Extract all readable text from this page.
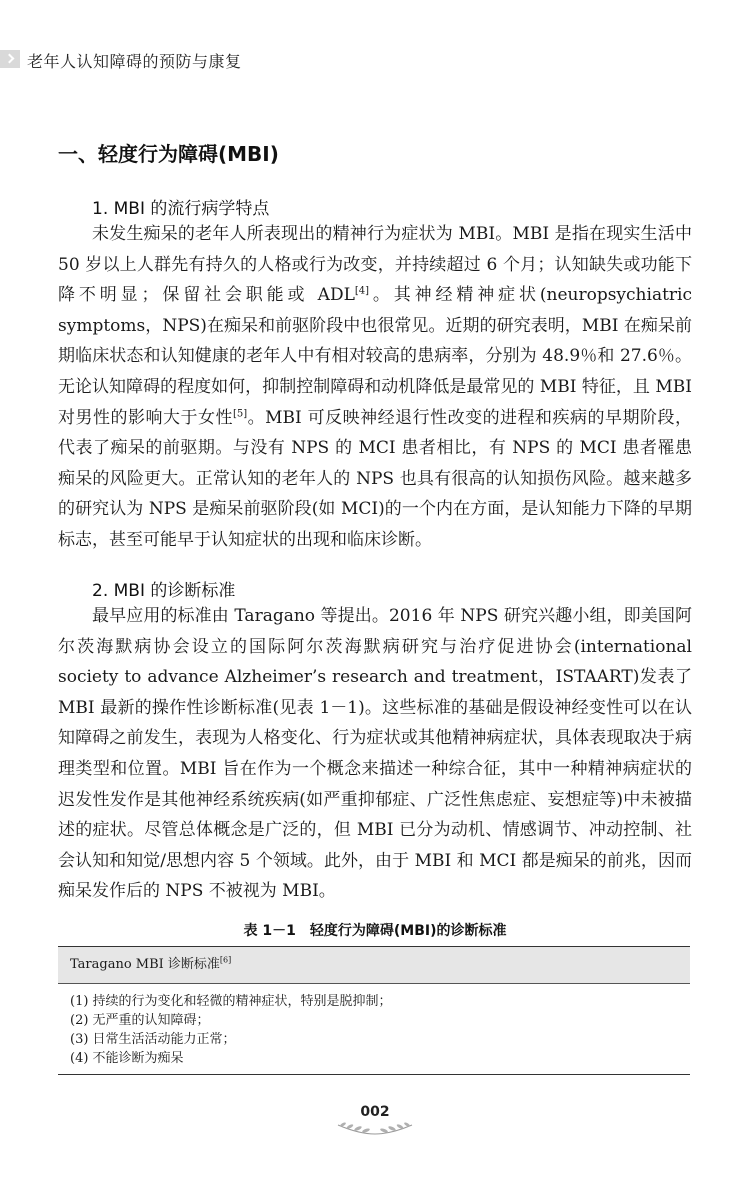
老年人认知障碍的预防与康复
一、轻度行为障碍(MBI)
1. MBI 的流行病学特点
未发生痴呆的老年人所表现出的精神行为症状为 MBI。MBI 是指在现实生活中 50 岁以上人群先有持久的人格或行为改变，并持续超过 6 个月；认知缺失或功能下降不明显；保留社会职能或 ADL[4]。其神经精神症状(neuropsychiatric symptoms，NPS)在痴呆和前驱阶段中也很常见。近期的研究表明，MBI 在痴呆前期临床状态和认知健康的老年人中有相对较高的患病率，分别为 48.9％和 27.6％。无论认知障碍的程度如何，抑制控制障碍和动机降低是最常见的 MBI 特征，且 MBI 对男性的影响大于女性[5]。MBI 可反映神经退行性改变的进程和疾病的早期阶段，代表了痴呆的前驱期。与没有 NPS 的 MCI 患者相比，有 NPS 的 MCI 患者罹患痴呆的风险更大。正常认知的老年人的 NPS 也具有很高的认知损伤风险。越来越多的研究认为 NPS 是痴呆前驱阶段(如 MCI)的一个内在方面，是认知能力下降的早期标志，甚至可能早于认知症状的出现和临床诊断。
2. MBI 的诊断标准
最早应用的标准由 Taragano 等提出。2016 年 NPS 研究兴趣小组，即美国阿尔茨海默病协会设立的国际阿尔茨海默病研究与治疗促进协会(international society to advance Alzheimer’s research and treatment，ISTAART)发表了 MBI 最新的操作性诊断标准(见表 1－1)。这些标准的基础是假设神经变性可以在认知障碍之前发生，表现为人格变化、行为症状或其他精神病症状，具体表现取决于病理类型和位置。MBI 旨在作为一个概念来描述一种综合征，其中一种精神病症状的迟发性发作是其他神经系统疾病(如严重抑郁症、广泛性焦虑症、妄想症等)中未被描述的症状。尽管总体概念是广泛的，但 MBI 已分为动机、情感调节、冲动控制、社会认知和知觉/思想内容 5 个领域。此外，由于 MBI 和 MCI 都是痴呆的前兆，因而痴呆发作后的 NPS 不被视为 MBI。
表 1－1　轻度行为障碍(MBI)的诊断标准
Taragano MBI 诊断标准[6]
(1) 持续的行为变化和轻微的精神症状，特别是脱抑制；
(2) 无严重的认知障碍；
(3) 日常生活活动能力正常；
(4) 不能诊断为痴呆
002
